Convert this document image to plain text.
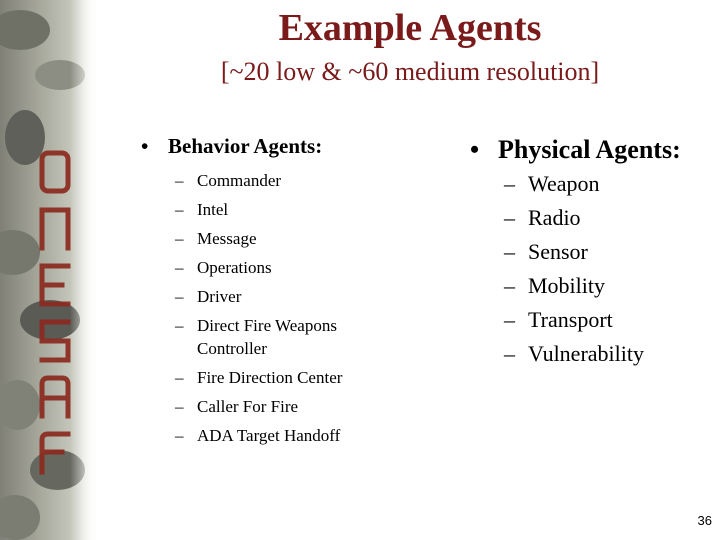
Example Agents
[~20 low & ~60 medium resolution]
• Behavior Agents:
– Commander
– Intel
– Message
– Operations
– Driver
– Direct Fire Weapons Controller
– Fire Direction Center
– Caller For Fire
– ADA Target Handoff
• Physical Agents:
– Weapon
– Radio
– Sensor
– Mobility
– Transport
– Vulnerability
36
